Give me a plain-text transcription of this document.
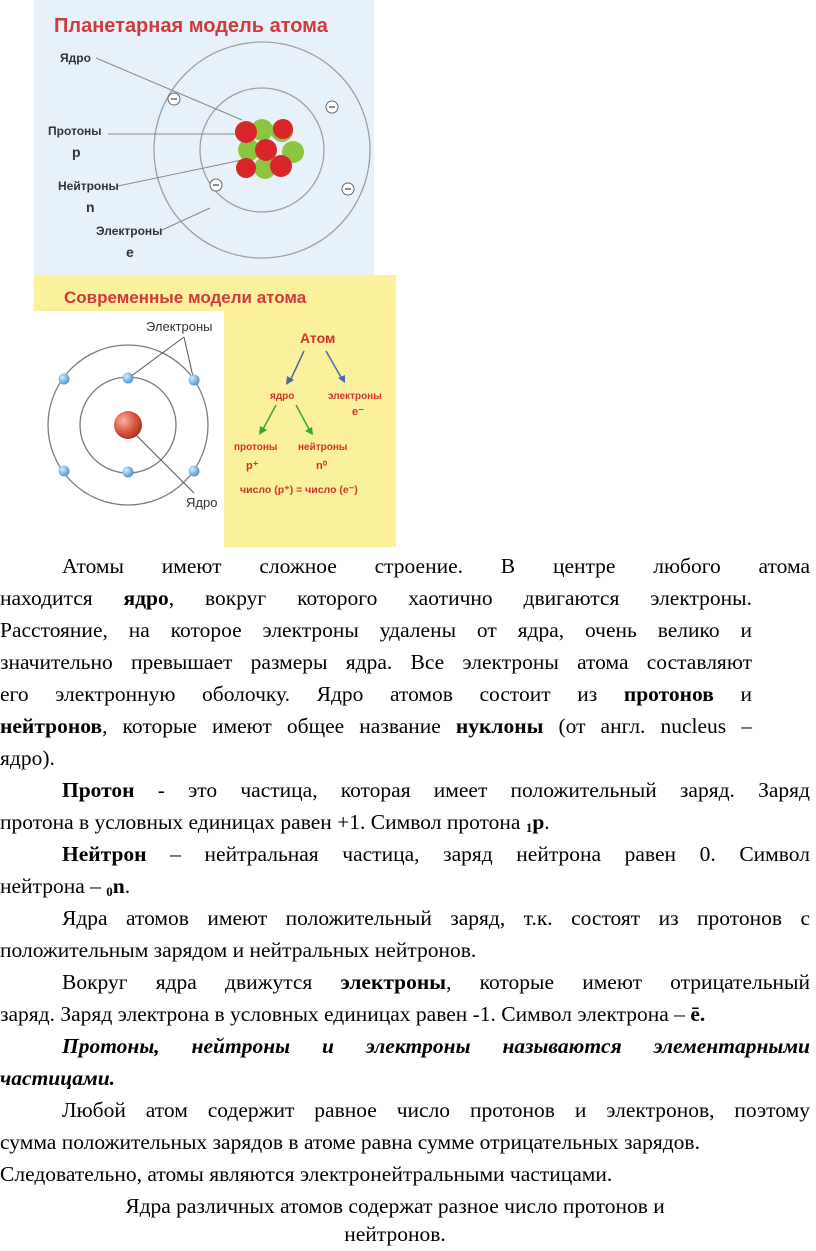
Планетарная модель атома
Ядро
Протоны
p
Нейтроны
n
Электроны
e
Современные модели атома
Электроны
Ядро
Атом
ядро	электроны
e⁻
протоны нейтроны
p⁺	n⁰
число (p⁺) = число (e⁻)
Атомы имеют сложное строение. В центре любого атома
находится ядро, вокруг которого хаотично двигаются электроны.
Расстояние, на которое электроны удалены от ядра, очень велико и
значительно превышает размеры ядра. Все электроны атома составляют
его электронную оболочку. Ядро атомов состоит из протонов и
нейтронов, которые имеют общее название нуклоны (от англ. nucleus –
ядро).
Протон - это частица, которая имеет положительный заряд. Заряд
протона в условных единицах равен +1. Символ протона 1p.
Нейтрон – нейтральная частица, заряд нейтрона равен 0. Символ
нейтрона – 0n.
Ядра атомов имеют положительный заряд, т.к. состоят из протонов с
положительным зарядом и нейтральных нейтронов.
Вокруг ядра движутся электроны, которые имеют отрицательный
заряд. Заряд электрона в условных единицах равен -1. Символ электрона – ē.
Протоны, нейтроны и электроны называются элементарными
частицами.
Любой атом содержит равное число протонов и электронов, поэтому
сумма положительных зарядов в атоме равна сумме отрицательных зарядов.
Следовательно, атомы являются электронейтральными частицами.
Ядра различных атомов содержат разное число протонов и
нейтронов.
